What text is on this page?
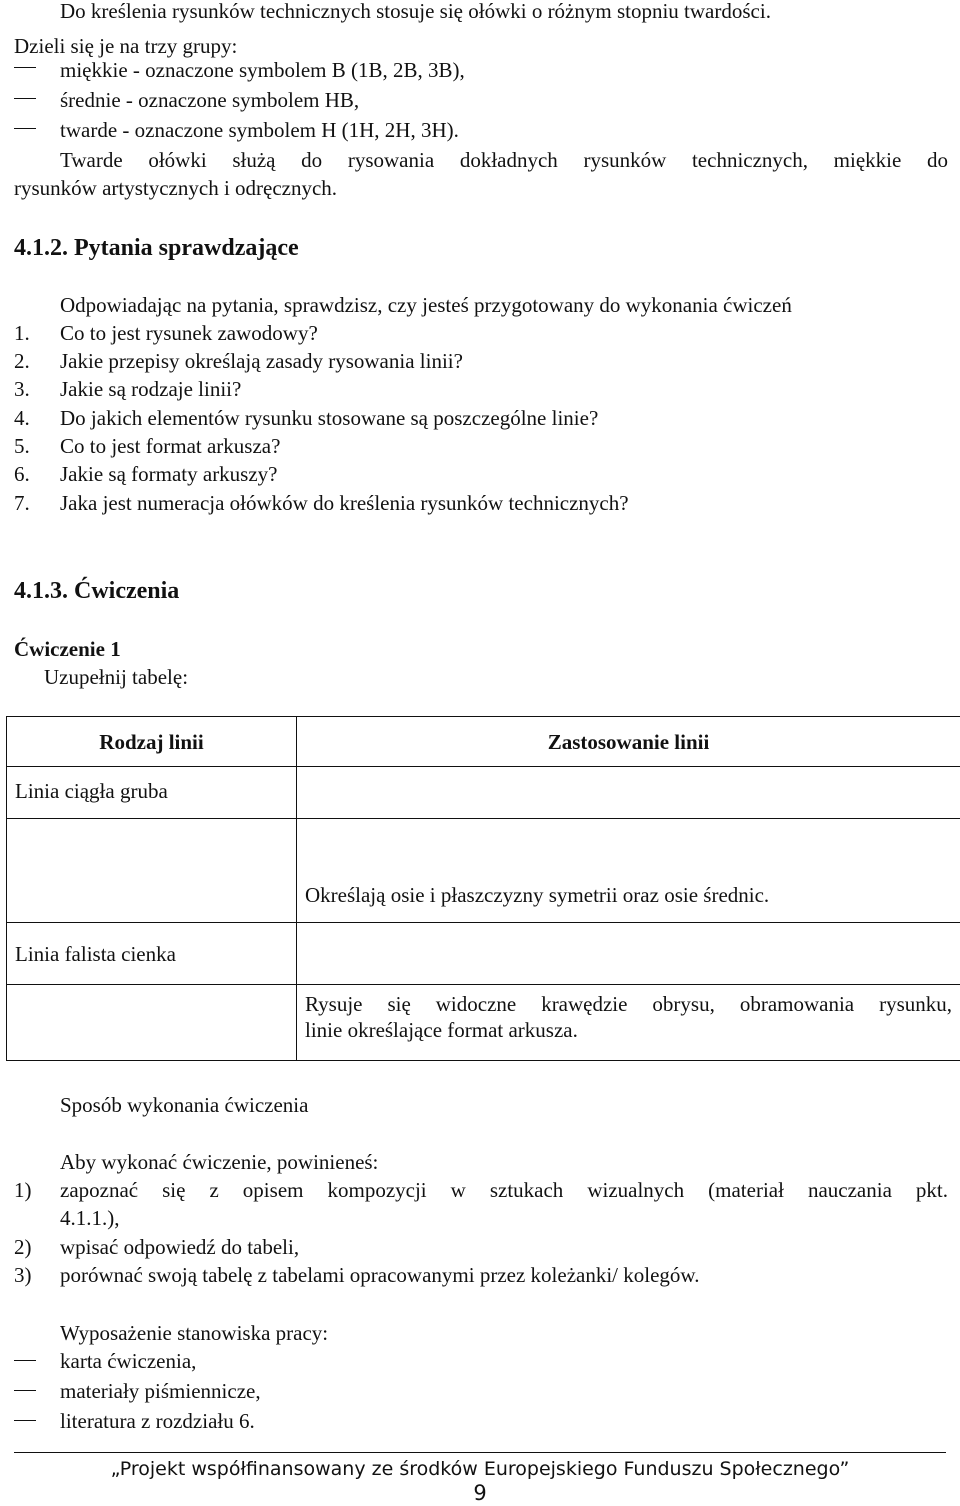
Do kreślenia rysunków technicznych stosuje się ołówki o różnym stopniu twardości.
Dzieli się je na trzy grupy:
miękkie - oznaczone symbolem B (1B, 2B, 3B),
średnie - oznaczone symbolem HB,
twarde - oznaczone symbolem H (1H, 2H, 3H).
Twarde ołówki służą do rysowania dokładnych rysunków technicznych, miękkie do
rysunków artystycznych i odręcznych.
4.1.2. Pytania sprawdzające
Odpowiadając na pytania, sprawdzisz, czy jesteś przygotowany do wykonania ćwiczeń
1. Co to jest rysunek zawodowy?
2. Jakie przepisy określają zasady rysowania linii?
3. Jakie są rodzaje linii?
4. Do jakich elementów rysunku stosowane są poszczególne linie?
5. Co to jest format arkusza?
6. Jakie są formaty arkuszy?
7. Jaka jest numeracja ołówków do kreślenia rysunków technicznych?
4.1.3. Ćwiczenia
Ćwiczenie 1
Uzupełnij tabelę:
Rodzaj linii	Zastosowanie linii
Linia ciągła gruba	
	Określają osie i płaszczyzny symetrii oraz osie średnic.
Linia falista cienka	

	Rysuje się widoczne krawędzie obrysu, obramowania rysunku,
linie określające format arkusza.
Sposób wykonania ćwiczenia
Aby wykonać ćwiczenie, powinieneś:
1) zapoznać się z opisem kompozycji w sztukach wizualnych (materiał nauczania pkt.
4.1.1.),
2) wpisać odpowiedź do tabeli,
3) porównać swoją tabelę z tabelami opracowanymi przez koleżanki/ kolegów.
Wyposażenie stanowiska pracy:
karta ćwiczenia,
materiały piśmiennicze,
literatura z rozdziału 6.
„Projekt współfinansowany ze środków Europejskiego Funduszu Społecznego”
9
